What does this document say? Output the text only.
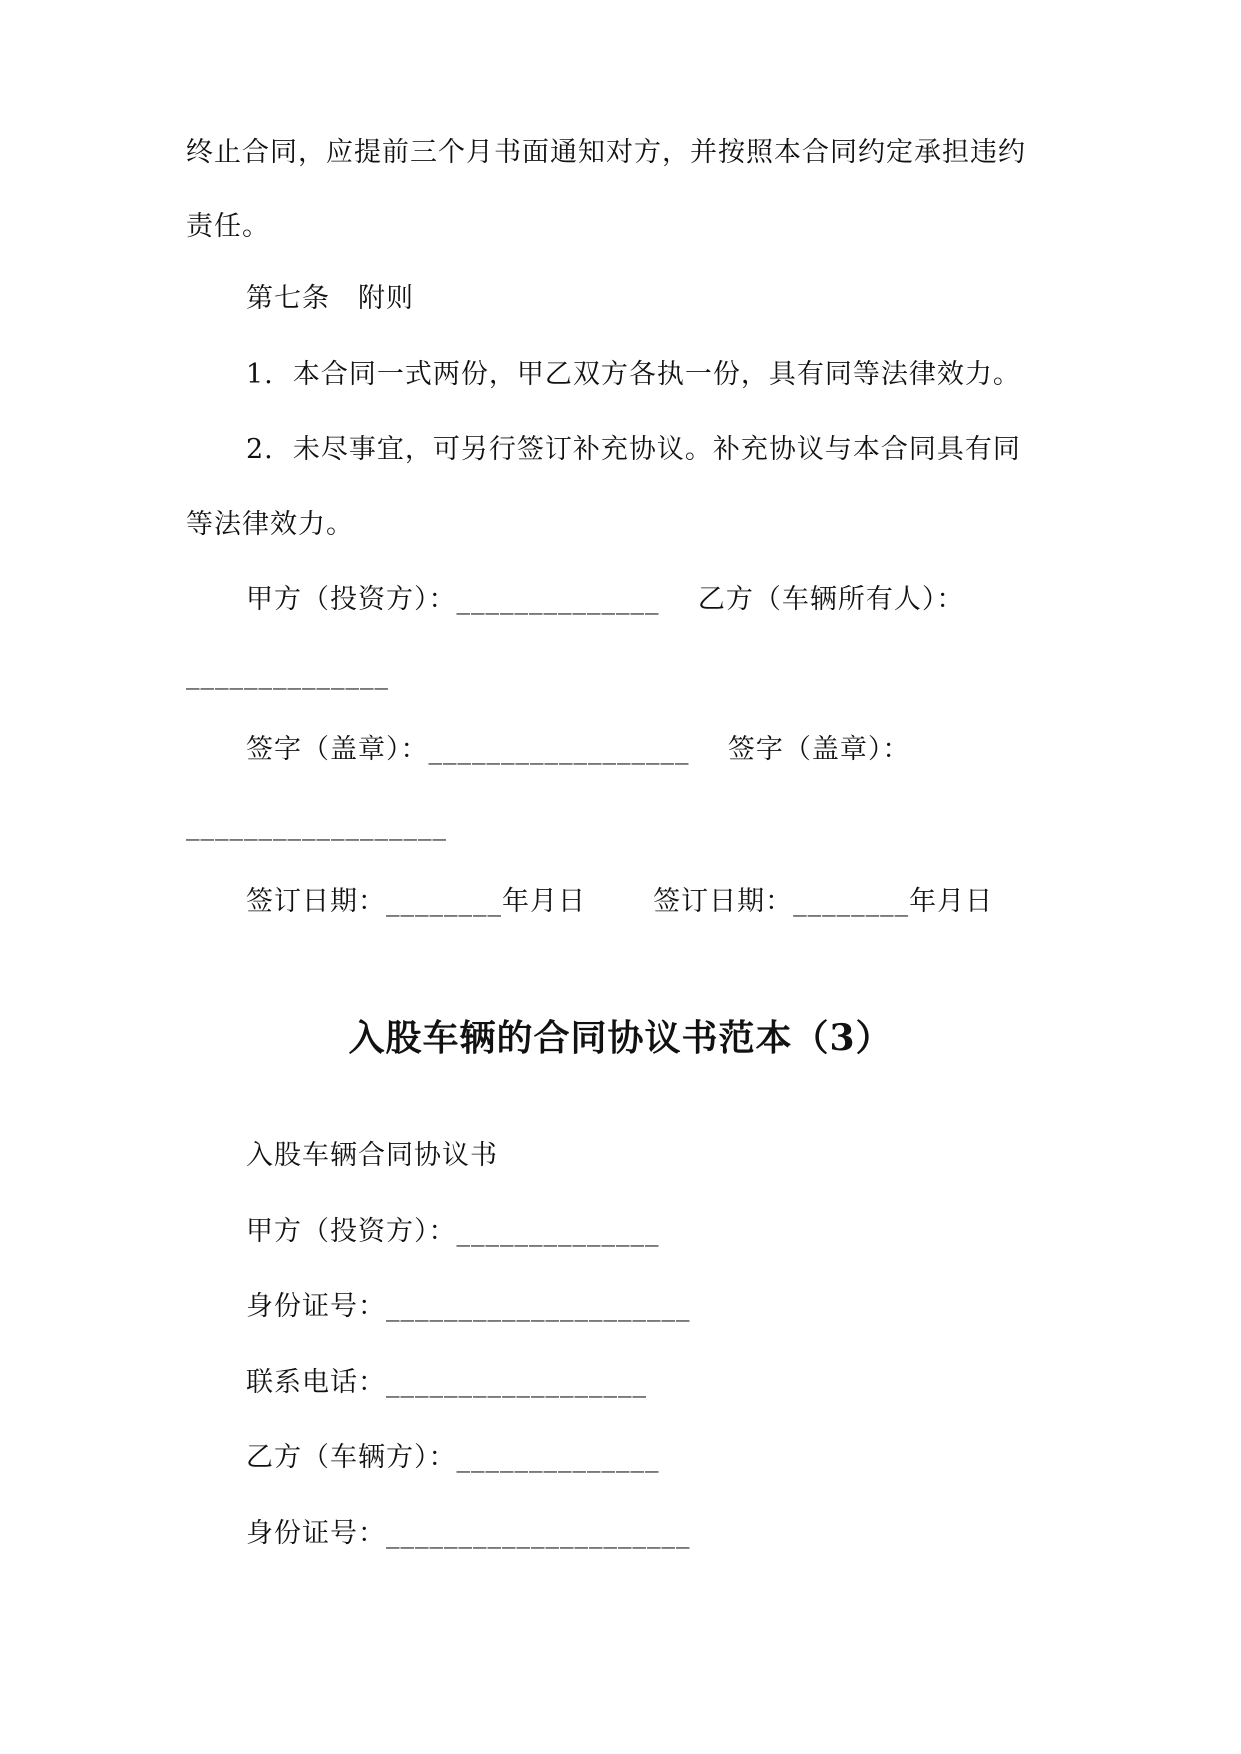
终止合同，应提前三个月书面通知对方，并按照本合同约定承担违约
责任。
第七条　附则
1.  本合同一式两份，甲乙双方各执一份，具有同等法律效力。
2.  未尽事宜，可另行签订补充协议。补充协议与本合同具有同
等法律效力。
甲方（投资方）：______________    乙方（车辆所有人）：
______________
签字（盖章）：__________________    签字（盖章）：
__________________
签订日期：________年月日       签订日期：________年月日
入股车辆的合同协议书范本（3）
入股车辆合同协议书
甲方（投资方）：______________
身份证号：_____________________
联系电话：__________________
乙方（车辆方）：______________
身份证号：_____________________
